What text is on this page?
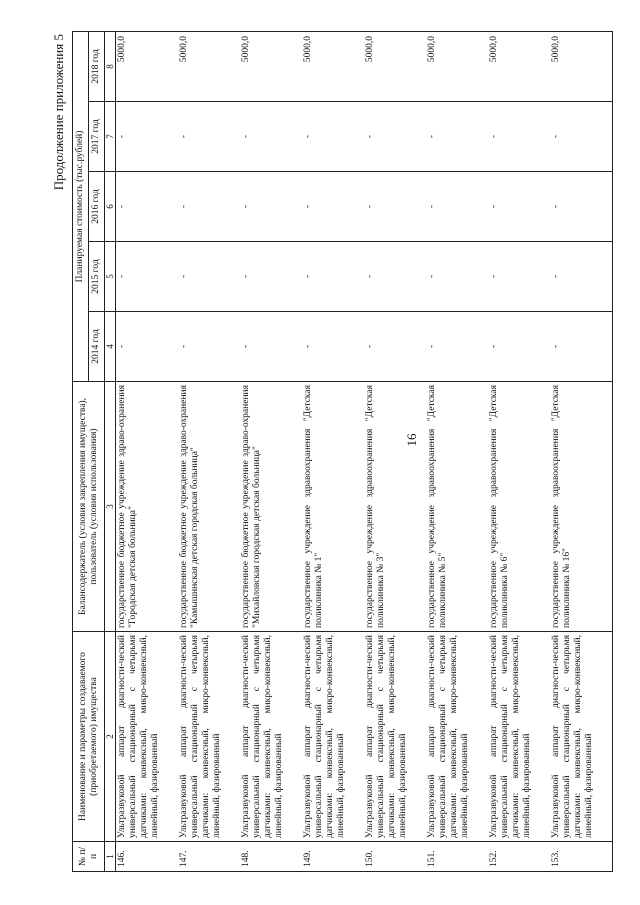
16
Продолжение приложения 5
№ п/п	Наименование и параметры создаваемого (приобретаемого) имущества	Балансодержатель (условия закрепления имущества), пользователь (условия использования)	Планируемая стоимость (тыс.рублей)				
			2014 год	2015 год	2016 год	2017 год	2018 год
1	2	3	4	5	6	7	8
146.	Ультразвуковой аппарат диагности-ческий универсальный стационарный с четырьмя датчиками: конвексный, микро-конвексный, линейный, фазированный	государственное бюджетное учреждение здраво-охранения "Городская детская больница"	-	-	-	-	5000,0
147.	Ультразвуковой аппарат диагности-ческий универсальный стационарный с четырьмя датчиками: конвексный, микро-конвексный, линейный, фазированный	государственное бюджетное учреждение здраво-охранения "Камышинская детская городская больница"	-	-	-	-	5000,0
148.	Ультразвуковой аппарат диагности-ческий универсальный стационарный с четырьмя датчиками: конвексный, микро-конвексный, линейный, фазированный	государственное бюджетное учреждение здраво-охранения "Михайловская городская детская больница"	-	-	-	-	5000,0
149.	Ультразвуковой аппарат диагности-ческий универсальный стационарный с четырьмя датчиками: конвексный, микро-конвексный, линейный, фазированный	государственное учреждение здравоохранения "Детская поликлиника № 1"	-	-	-	-	5000,0
150.	Ультразвуковой аппарат диагности-ческий универсальный стационарный с четырьмя датчиками: конвексный, микро-конвексный, линейный, фазированный	государственное учреждение здравоохранения "Детская поликлиника № 3"	-	-	-	-	5000,0
151.	Ультразвуковой аппарат диагности-ческий универсальный стационарный с четырьмя датчиками: конвексный, микро-конвексный, линейный, фазированный	государственное учреждение здравоохранения "Детская поликлиника № 5"	-	-	-	-	5000,0
152.	Ультразвуковой аппарат диагности-ческий универсальный стационарный с четырьмя датчиками: конвексный, микро-конвексный, линейный, фазированный	государственное учреждение здравоохранения "Детская поликлиника № 6"	-	-	-	-	5000,0
153.	Ультразвуковой аппарат диагности-ческий универсальный стационарный с четырьмя датчиками: конвексный, микро-конвексный, линейный, фазированный	государственное учреждение здравоохранения "Детская поликлиника № 16"	-	-	-	-	5000,0
